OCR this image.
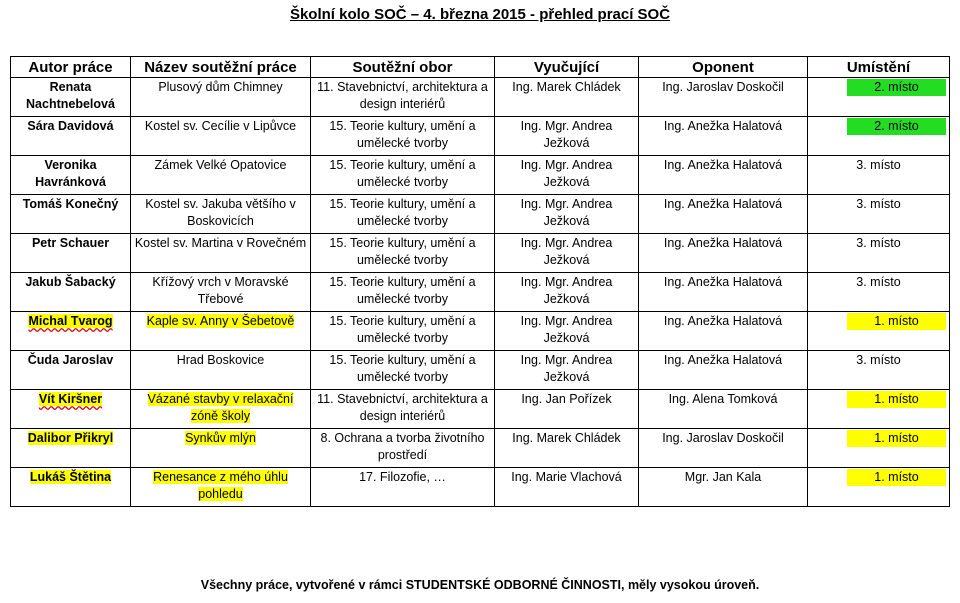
Školní kolo SOČ – 4. března 2015 - přehled prací SOČ
Autor práce	Název soutěžní práce	Soutěžní obor	Vyučující	Oponent	Umístění
Renata Nachtnebelová	Plusový dům Chimney	11. Stavebnictví, architektura a design interiérů	Ing. Marek Chládek	Ing. Jaroslav Doskočil	2. místo

Sára Davidová	Kostel sv. Cecílie v Lipůvce	15. Teorie kultury, umění a umělecké tvorby	Ing. Mgr. Andrea Ježková	Ing. Anežka Halatová	2. místo

Veronika Havránková	Zámek Velké Opatovice	15. Teorie kultury, umění a umělecké tvorby	Ing. Mgr. Andrea Ježková	Ing. Anežka Halatová	3. místo
Tomáš Konečný	Kostel sv. Jakuba většího v Boskovicích	15. Teorie kultury, umění a umělecké tvorby	Ing. Mgr. Andrea Ježková	Ing. Anežka Halatová	3. místo
Petr Schauer	Kostel sv. Martina v Rovečném	15. Teorie kultury, umění a umělecké tvorby	Ing. Mgr. Andrea Ježková	Ing. Anežka Halatová	3. místo
Jakub Šabacký	Křížový vrch v Moravské Třebové	15. Teorie kultury, umění a umělecké tvorby	Ing. Mgr. Andrea Ježková	Ing. Anežka Halatová	3. místo
Michal Tvarog	Kaple sv. Anny v Šebetově	15. Teorie kultury, umění a umělecké tvorby	Ing. Mgr. Andrea Ježková	Ing. Anežka Halatová	1. místo

Čuda Jaroslav	Hrad Boskovice	15. Teorie kultury, umění a umělecké tvorby	Ing. Mgr. Andrea Ježková	Ing. Anežka Halatová	3. místo
Vít Kiršner	Vázané stavby v relaxační zóně školy	11. Stavebnictví, architektura a design interiérů	Ing. Jan Pořízek	Ing. Alena Tomková	1. místo

Dalibor Přikryl	Synkův mlýn	8. Ochrana a tvorba životního prostředí	Ing. Marek Chládek	Ing. Jaroslav Doskočil	1. místo

Lukáš Štětina	Renesance z mého úhlu pohledu	17. Filozofie, …	Ing. Marie Vlachová	Mgr. Jan Kala	1. místo
Všechny práce, vytvořené v rámci STUDENTSKÉ ODBORNÉ ČINNOSTI, měly vysokou úroveň.
